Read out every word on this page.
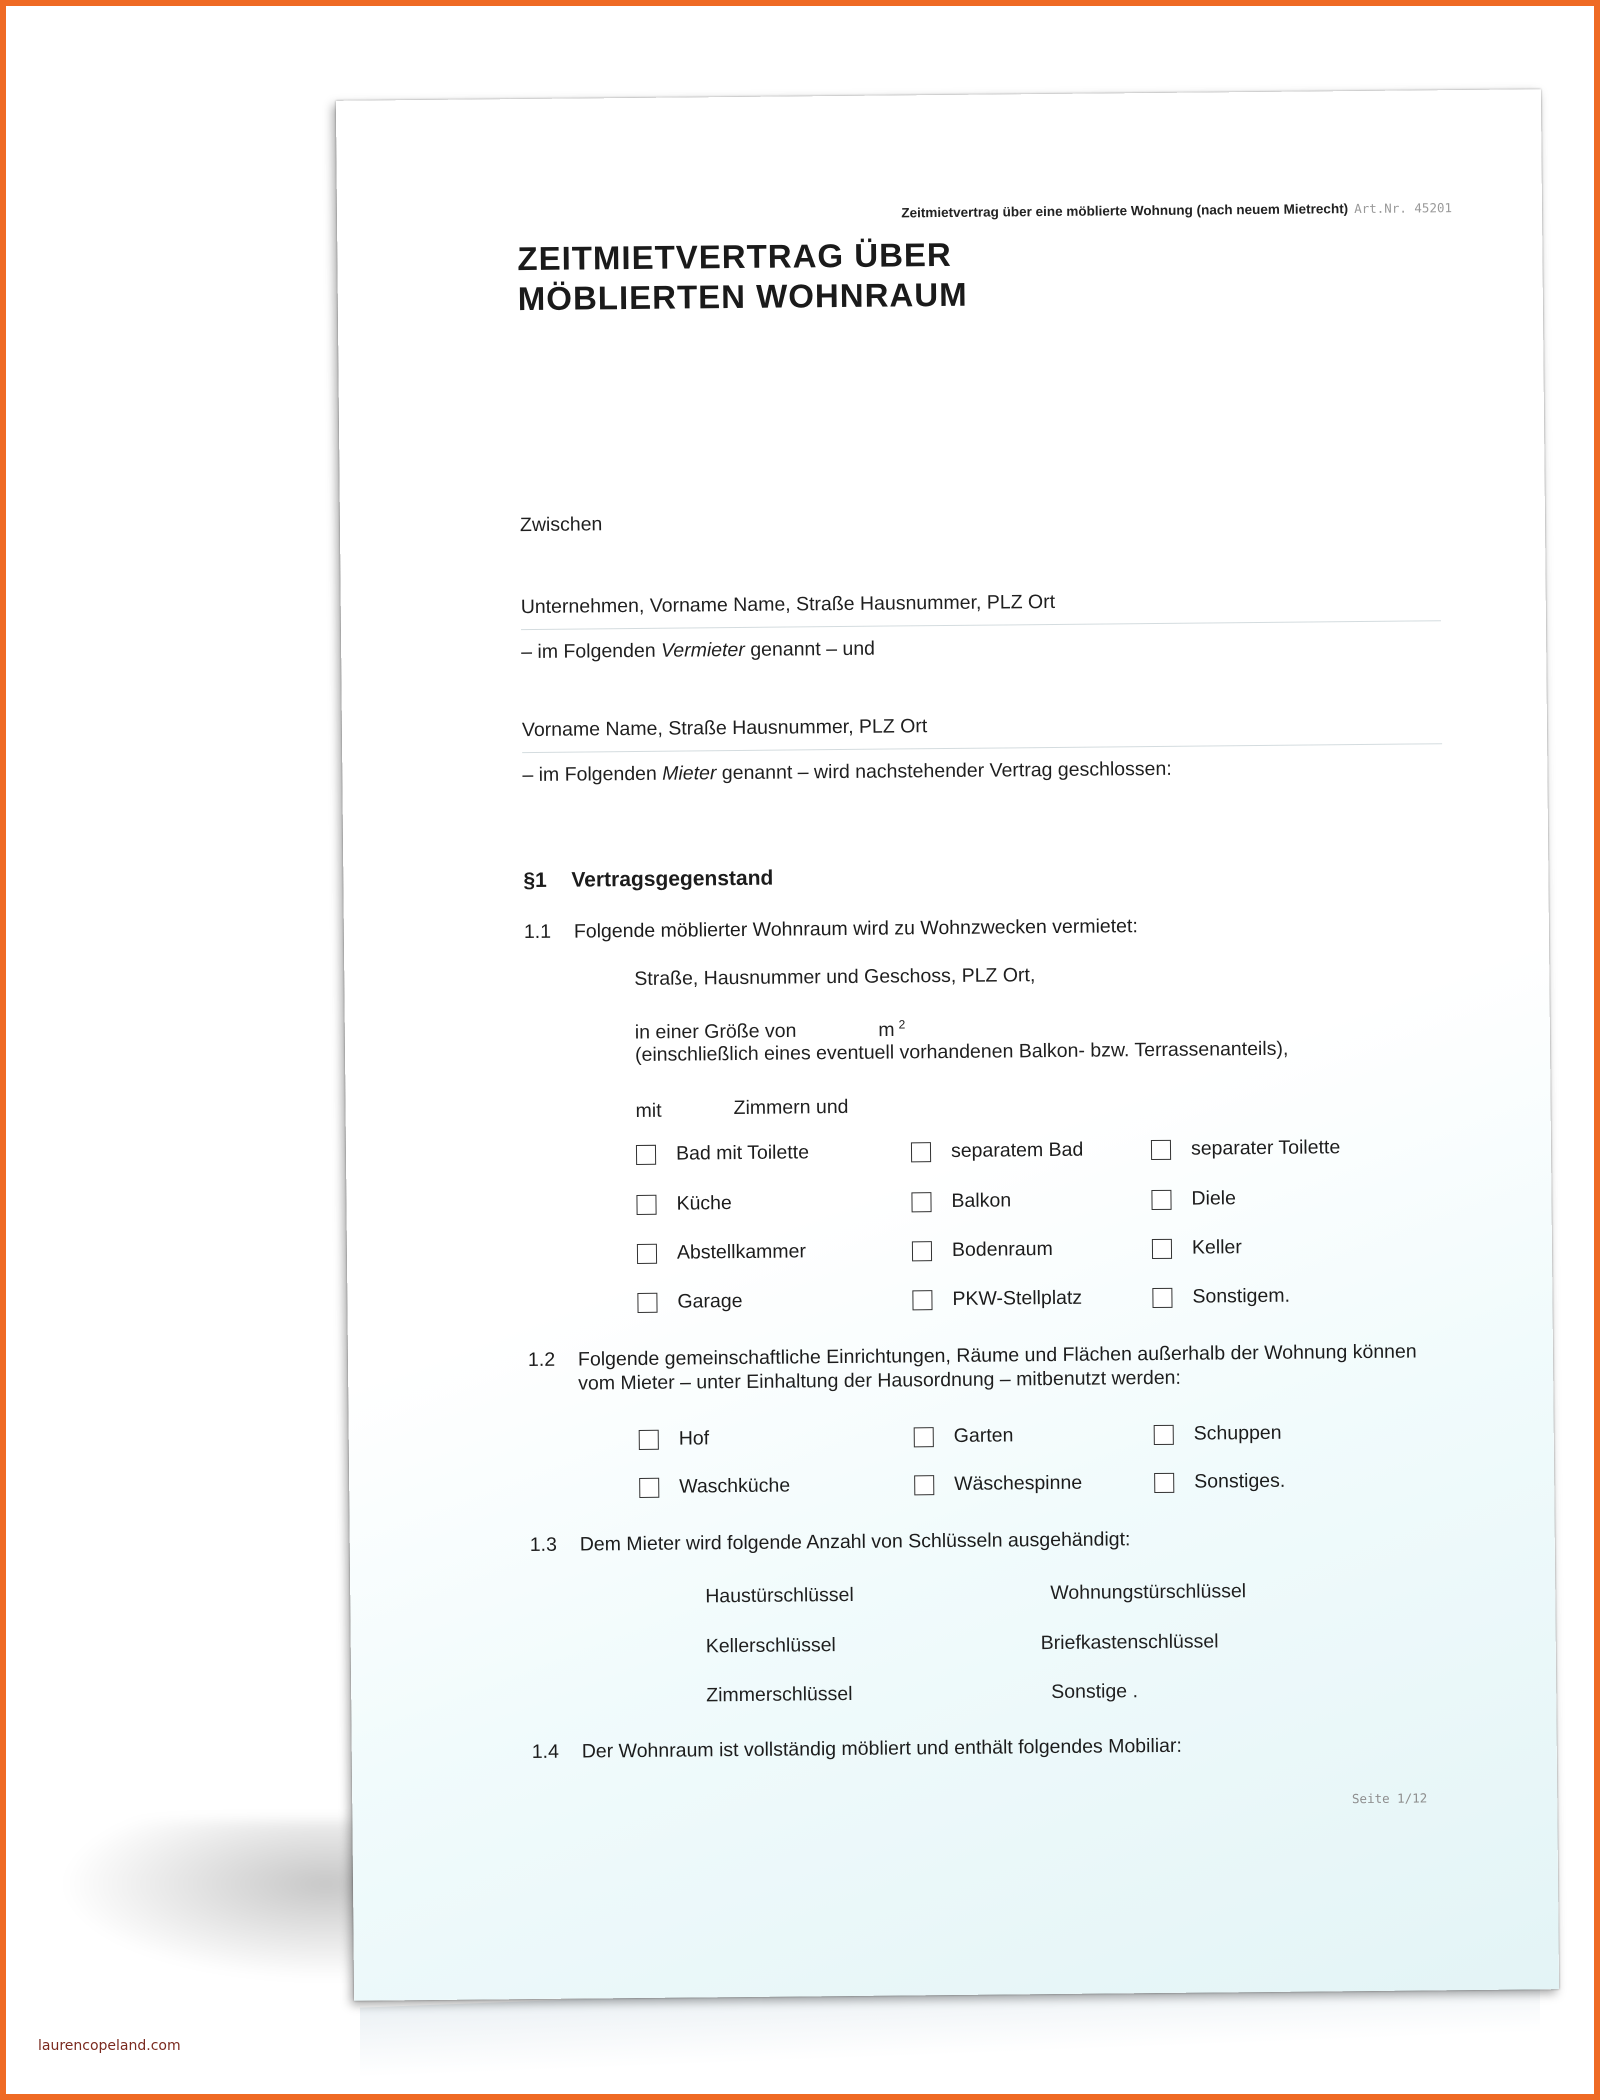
Zeitmietvertrag über eine möblierte Wohnung (nach neuem Mietrecht) Art.Nr. 45201
ZEITMIETVERTRAG ÜBER
MÖBLIERTEN WOHNRAUM
Zwischen
Unternehmen, Vorname Name, Straße Hausnummer, PLZ Ort
– im Folgenden Vermieter genannt – und
Vorname Name, Straße Hausnummer, PLZ Ort
– im Folgenden Mieter genannt – wird nachstehender Vertrag geschlossen:
§1 Vertragsgegenstand
1.1 Folgende möblierter Wohnraum wird zu Wohnzwecken vermietet:
Straße, Hausnummer und Geschoss, PLZ Ort,
in einer Größe von	m $^2$
(einschließlich eines eventuell vorhandenen Balkon- bzw. Terrassenanteils),
mit	Zimmern und
Bad mit Toilette	separatem Bad	separater Toilette
Küche	Balkon	Diele
Abstellkammer	Bodenraum	Keller
Garage	PKW-Stellplatz	Sonstigem.
1.2 Folgende gemeinschaftliche Einrichtungen, Räume und Flächen außerhalb der Wohnung können
vom Mieter – unter Einhaltung der Hausordnung – mitbenutzt werden:
Hof	Garten	Schuppen
Waschküche	Wäschespinne	Sonstiges.
1.3 Dem Mieter wird folgende Anzahl von Schlüsseln ausgehändigt:
Haustürschlüssel	Wohnungstürschlüssel
Kellerschlüssel	Briefkastenschlüssel
Zimmerschlüssel	Sonstige .
1.4 Der Wohnraum ist vollständig möbliert und enthält folgendes Mobiliar:
Seite 1/12
laurencopeland.com
